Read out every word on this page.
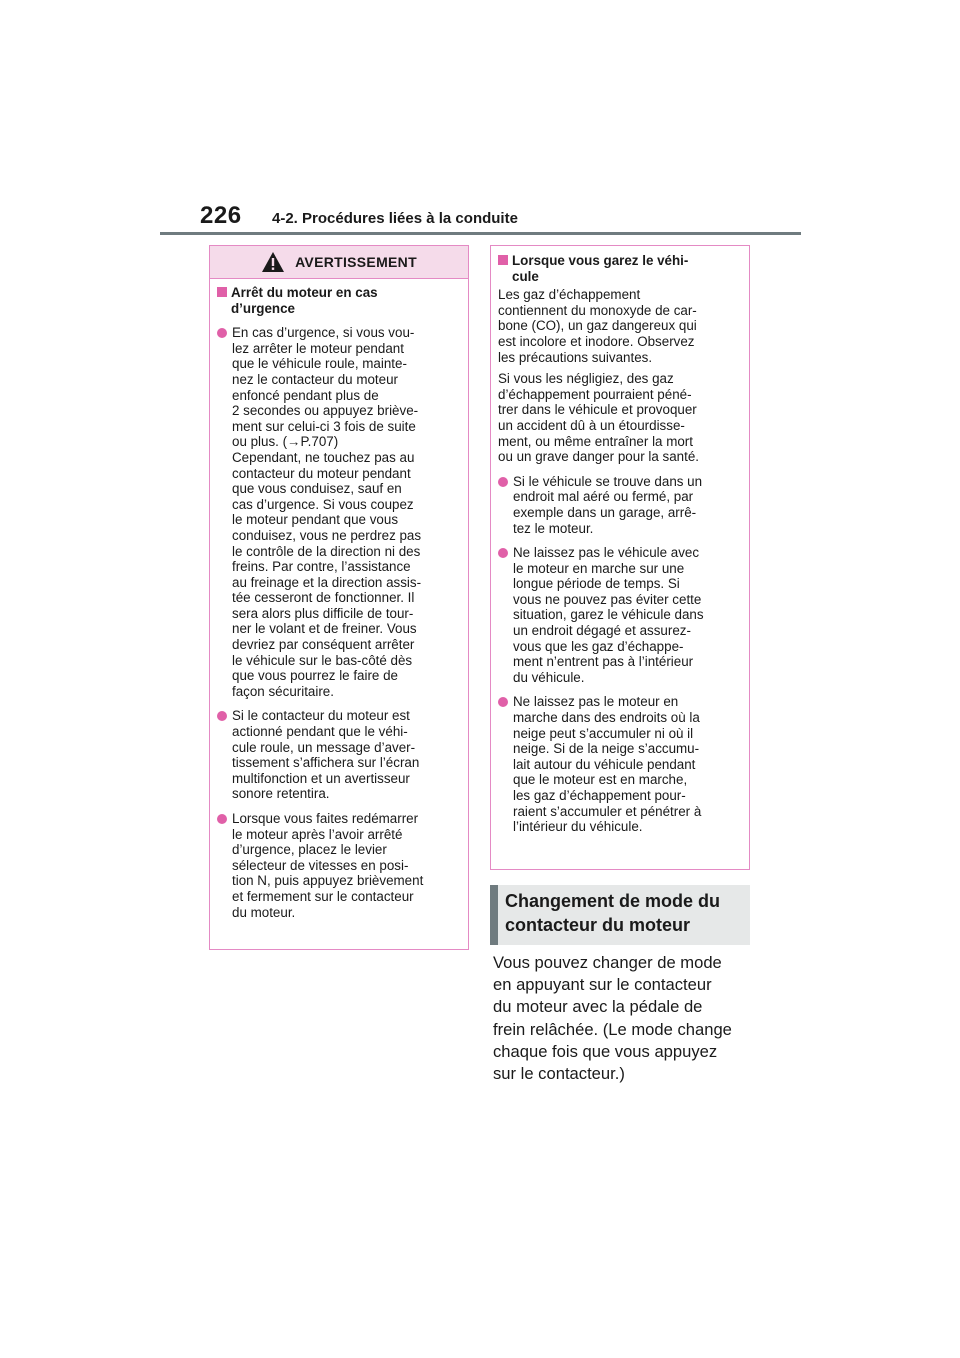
226 4-2. Procédures liées à la conduite
AVERTISSEMENT
Arrêt du moteur en cas
d’urgence
En cas d’urgence, si vous vou-
lez arrêter le moteur pendant
que le véhicule roule, mainte-
nez le contacteur du moteur
enfoncé pendant plus de
2 secondes ou appuyez briève-
ment sur celui-ci 3 fois de suite
ou plus. (→P.707)
Cependant, ne touchez pas au
contacteur du moteur pendant
que vous conduisez, sauf en
cas d’urgence. Si vous coupez
le moteur pendant que vous
conduisez, vous ne perdrez pas
le contrôle de la direction ni des
freins. Par contre, l’assistance
au freinage et la direction assis-
tée cesseront de fonctionner. Il
sera alors plus difficile de tour-
ner le volant et de freiner. Vous
devriez par conséquent arrêter
le véhicule sur le bas-côté dès
que vous pourrez le faire de
façon sécuritaire.
Si le contacteur du moteur est
actionné pendant que le véhi-
cule roule, un message d’aver-
tissement s’affichera sur l’écran
multifonction et un avertisseur
sonore retentira.
Lorsque vous faites redémarrer
le moteur après l’avoir arrêté
d’urgence, placez le levier
sélecteur de vitesses en posi-
tion N, puis appuyez brièvement
et fermement sur le contacteur
du moteur.
Lorsque vous garez le véhi-
cule
Les gaz d’échappement
contiennent du monoxyde de car-
bone (CO), un gaz dangereux qui
est incolore et inodore. Observez
les précautions suivantes.
Si vous les négligiez, des gaz
d’échappement pourraient péné-
trer dans le véhicule et provoquer
un accident dû à un étourdisse-
ment, ou même entraîner la mort
ou un grave danger pour la santé.
Si le véhicule se trouve dans un
endroit mal aéré ou fermé, par
exemple dans un garage, arrê-
tez le moteur.
Ne laissez pas le véhicule avec
le moteur en marche sur une
longue période de temps. Si
vous ne pouvez pas éviter cette
situation, garez le véhicule dans
un endroit dégagé et assurez-
vous que les gaz d’échappe-
ment n’entrent pas à l’intérieur
du véhicule.
Ne laissez pas le moteur en
marche dans des endroits où la
neige peut s’accumuler ni où il
neige. Si de la neige s’accumu-
lait autour du véhicule pendant
que le moteur est en marche,
les gaz d’échappement pour-
raient s’accumuler et pénétrer à
l’intérieur du véhicule.
Changement de mode du
contacteur du moteur
Vous pouvez changer de mode
en appuyant sur le contacteur
du moteur avec la pédale de
frein relâchée. (Le mode change
chaque fois que vous appuyez
sur le contacteur.)
